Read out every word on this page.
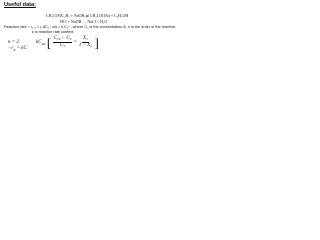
Useful data:
CH₃COOC₂H₅ + NaOH ⇌ CH₃COONa + C₂H₅OH
HCl + NaOH → NaCl + H₂O
Reaction rate = r₂,₁ = (-dC₂ / dt) = k C₂ⁿ , where C₂ is the concentration A, n is the order of the reaction,
k is reaction rate content
n = 2
$-r_A$ = kC
$kC_{A0}$ [ $\frac{\text{C₂₀ − C₂}}{\text{C₂}} = \frac{\text{X₂}}{\text{1 − X₂}}$ ]
